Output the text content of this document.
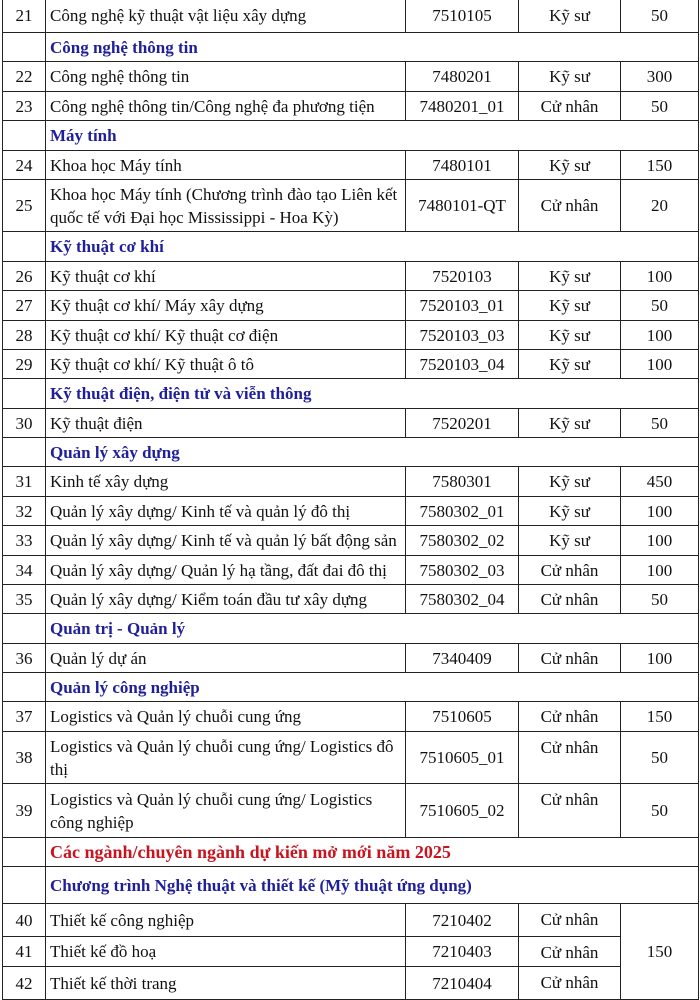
21	Công nghệ kỹ thuật vật liệu xây dựng	7510105	Kỹ sư	50
	Công nghệ thông tin			
22	Công nghệ thông tin	7480201	Kỹ sư	300
23	Công nghệ thông tin/Công nghệ đa phương tiện	7480201_01	Cử nhân	50
	Máy tính			
24	Khoa học Máy tính	7480101	Kỹ sư	150
25	Khoa học Máy tính (Chương trình đào tạo Liên kết quốc tế với Đại học Mississippi - Hoa Kỳ)	7480101-QT	Cử nhân	20
	Kỹ thuật cơ khí			
26	Kỹ thuật cơ khí	7520103	Kỹ sư	100
27	Kỹ thuật cơ khí/ Máy xây dựng	7520103_01	Kỹ sư	50
28	Kỹ thuật cơ khí/ Kỹ thuật cơ điện	7520103_03	Kỹ sư	100
29	Kỹ thuật cơ khí/ Kỹ thuật ô tô	7520103_04	Kỹ sư	100
	Kỹ thuật điện, điện tử và viễn thông			
30	Kỹ thuật điện	7520201	Kỹ sư	50
	Quản lý xây dựng			
31	Kinh tế xây dựng	7580301	Kỹ sư	450
32	Quản lý xây dựng/ Kinh tế và quản lý đô thị	7580302_01	Kỹ sư	100
33	Quản lý xây dựng/ Kinh tế và quản lý bất động sản	7580302_02	Kỹ sư	100
34	Quản lý xây dựng/ Quản lý hạ tầng, đất đai đô thị	7580302_03	Cử nhân	100
35	Quản lý xây dựng/ Kiểm toán đầu tư xây dựng	7580302_04	Cử nhân	50
	Quản trị - Quản lý			
36	Quản lý dự án	7340409	Cử nhân	100
	Quản lý công nghiệp			
37	Logistics và Quản lý chuỗi cung ứng	7510605	Cử nhân	150
38	Logistics và Quản lý chuỗi cung ứng/ Logistics đô thị	7510605_01	Cử nhân	50
39	Logistics và Quản lý chuỗi cung ứng/ Logistics công nghiệp	7510605_02	Cử nhân	50
	Các ngành/chuyên ngành dự kiến mở mới năm 2025			
	Chương trình Nghệ thuật và thiết kế (Mỹ thuật ứng dụng)			
40	Thiết kế công nghiệp	7210402	Cử nhân	150
41	Thiết kế đồ hoạ	7210403	Cử nhân	
42	Thiết kế thời trang	7210404	Cử nhân	
